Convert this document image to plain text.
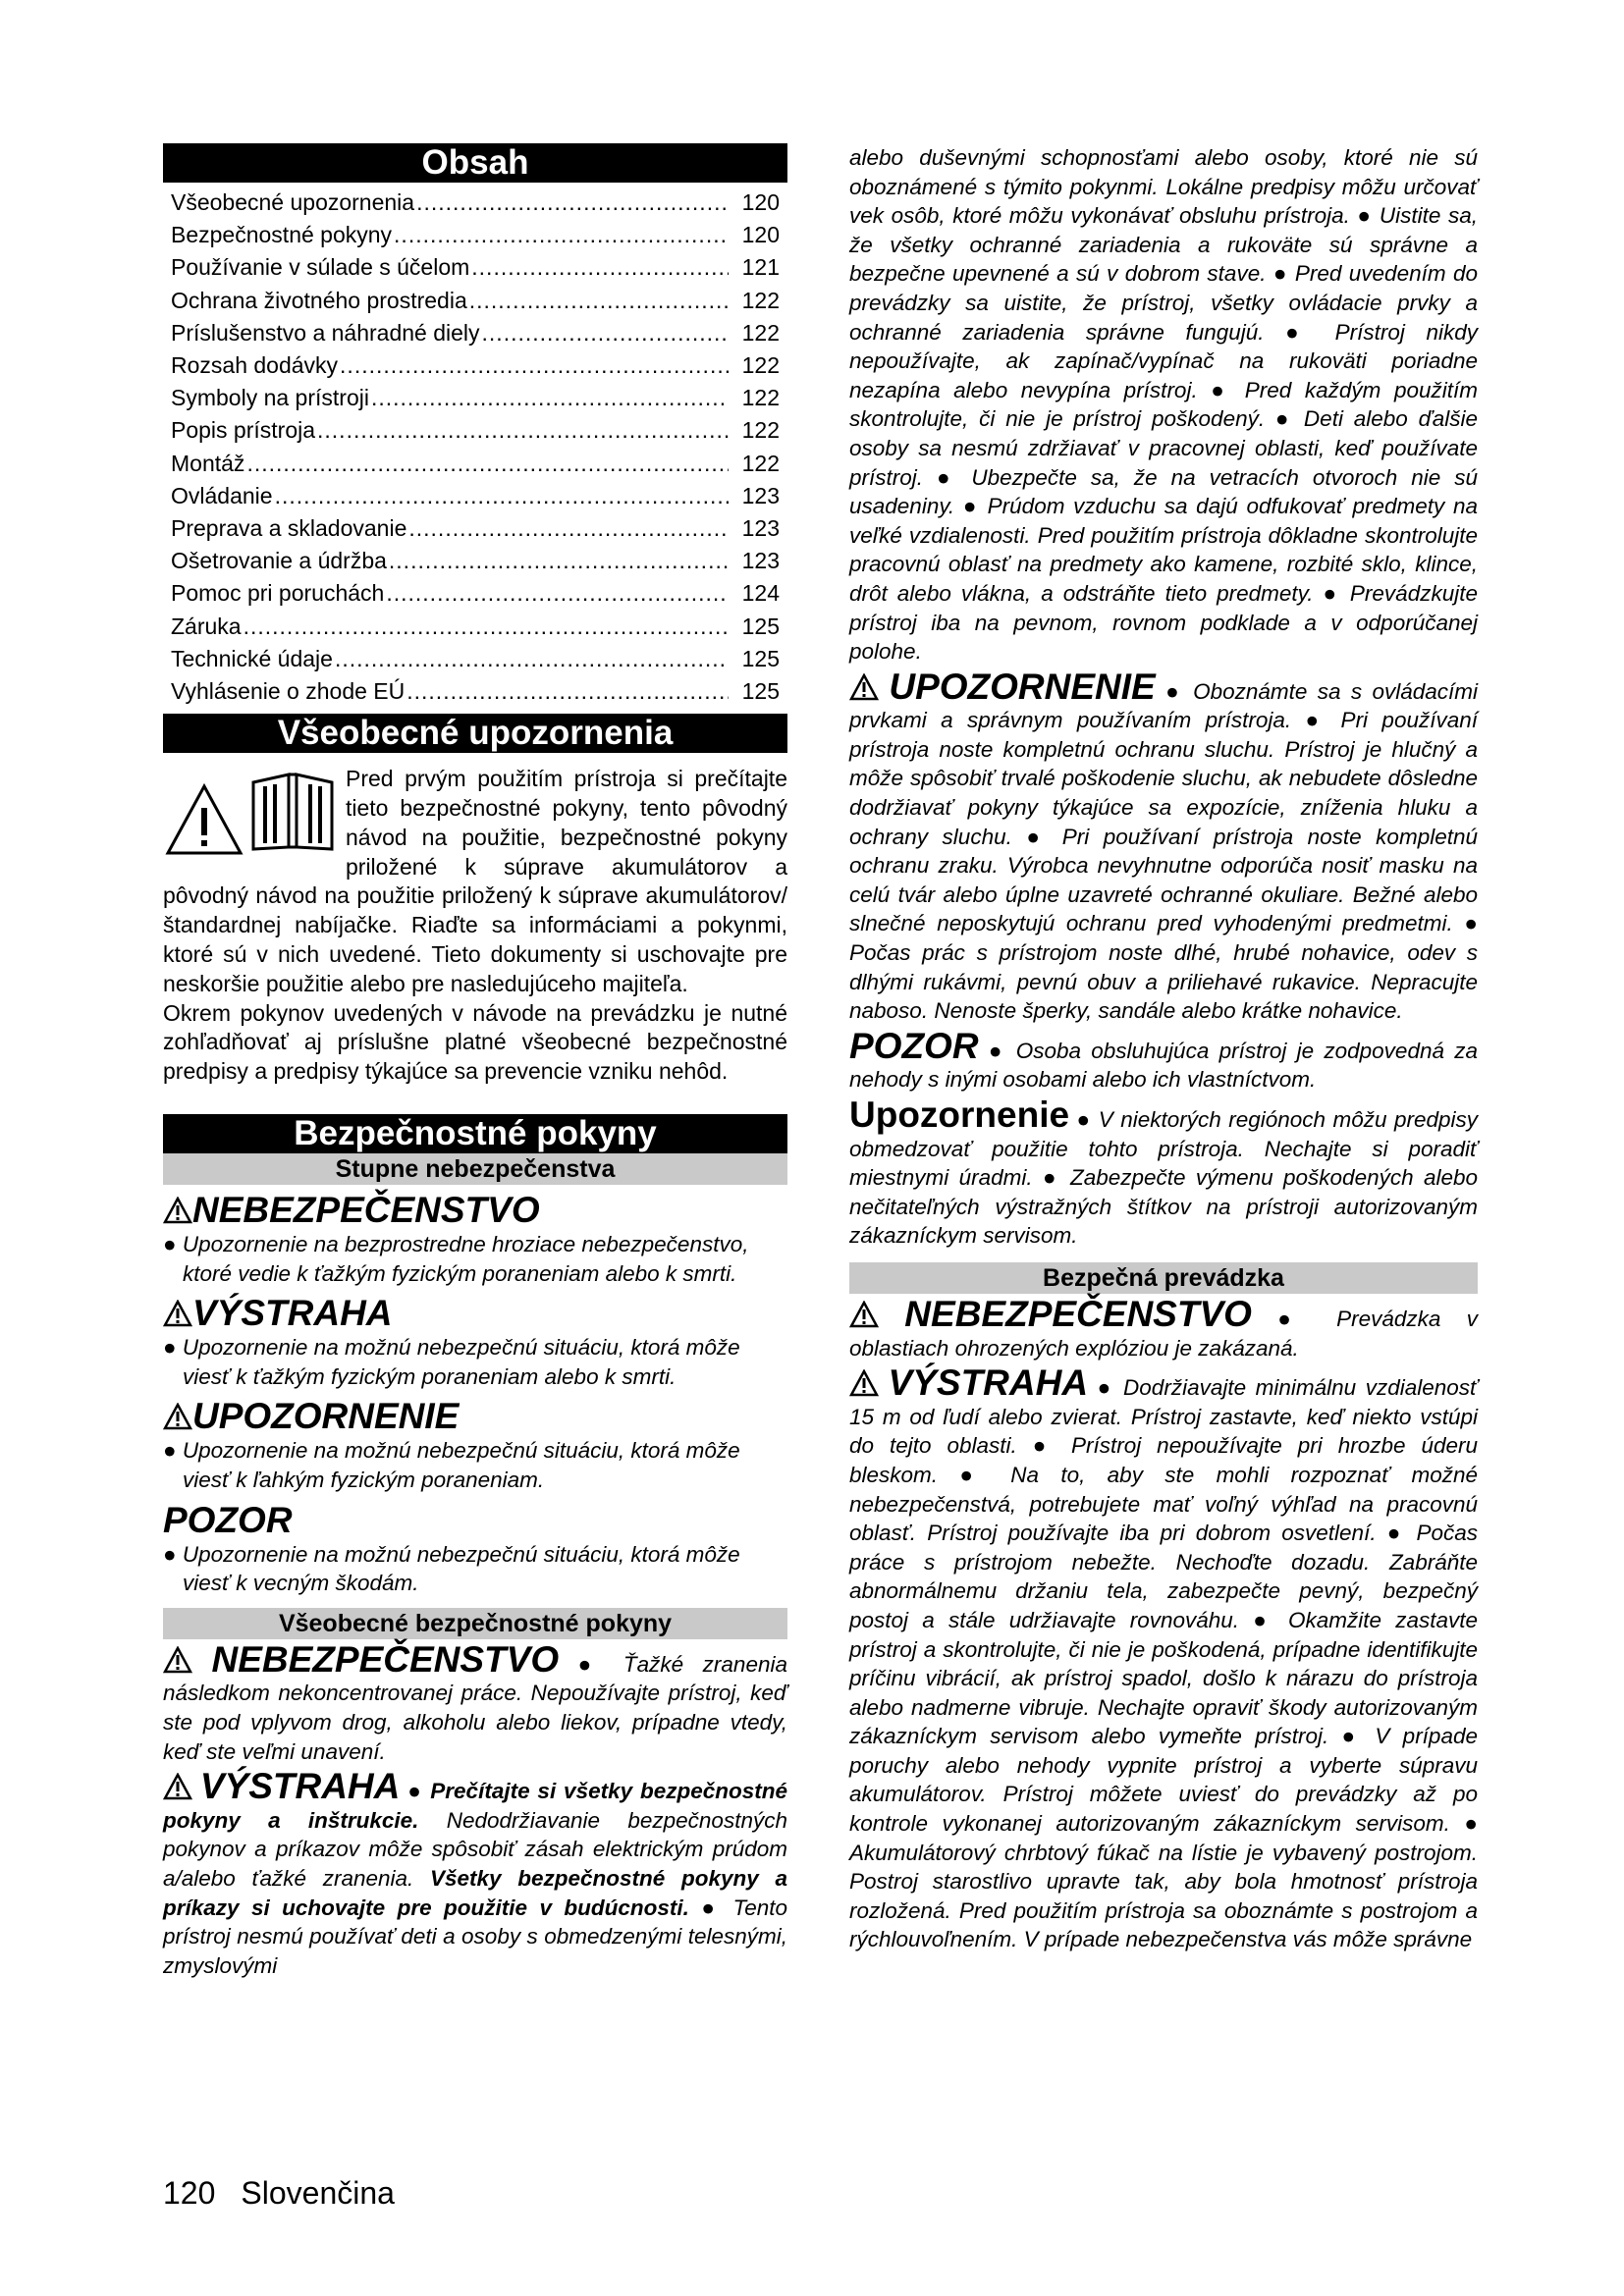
Obsah
Všeobecné upozornenia .....	120
Bezpečnostné pokyny .....	120
Používanie v súlade s účelom .....	121
Ochrana životného prostredia .....	122
Príslušenstvo a náhradné diely .....	122
Rozsah dodávky .....	122
Symboly na prístroji .....	122
Popis prístroja .....	122
Montáž .....	122
Ovládanie .....	123
Preprava a skladovanie .....	123
Ošetrovanie a údržba .....	123
Pomoc pri poruchách .....	124
Záruka .....	125
Technické údaje .....	125
Vyhlásenie o zhode EÚ .....	125
Všeobecné upozornenia

Pred prvým použitím prístroja si prečítajte tieto bezpečnostné pokyny, tento pôvodný návod na použitie, bezpečnostné pokyny priložené k súprave akumulátorov a pôvodný návod na použitie priložený k súprave akumulátorov/štandardnej nabíjačke. Riaďte sa informáciami a pokynmi, ktoré sú v nich uvedené. Tieto dokumenty si uschovajte pre neskoršie použitie alebo pre nasledujúceho majiteľa.

Okrem pokynov uvedených v návode na prevádzku je nutné zohľadňovať aj príslušne platné všeobecné bezpečnostné predpisy a predpisy týkajúce sa prevencie vzniku nehôd.

Bezpečnostné pokyny
Stupne nebezpečenstva
NEBEZPEČENSTVO

● Upozornenie na bezprostredne hroziace nebezpečenstvo, ktoré vedie k ťažkým fyzickým poraneniam alebo k smrti.

VÝSTRAHA

● Upozornenie na možnú nebezpečnú situáciu, ktorá môže viesť k ťažkým fyzickým poraneniam alebo k smrti.

UPOZORNENIE

● Upozornenie na možnú nebezpečnú situáciu, ktorá môže viesť k ľahkým fyzickým poraneniam.

POZOR

● Upozornenie na možnú nebezpečnú situáciu, ktorá môže viesť k vecným škodám.

Všeobecné bezpečnostné pokyny

NEBEZPEČENSTVO ● Ťažké zranenia následkom nekoncentrovanej práce. Nepoužívajte prístroj, keď ste pod vplyvom drog, alkoholu alebo liekov, prípadne vtedy, keď ste veľmi unavení.

VÝSTRAHA ● Prečítajte si všetky bezpečnostné pokyny a inštrukcie. Nedodržiavanie bezpečnostných pokynov a príkazov môže spôsobiť zásah elektrickým prúdom a/alebo ťažké zranenia. Všetky bezpečnostné pokyny a príkazy si uchovajte pre použitie v budúcnosti. ● Tento prístroj nesmú používať deti a osoby s obmedzenými telesnými, zmyslovými

alebo duševnými schopnosťami alebo osoby, ktoré nie sú oboznámené s týmito pokynmi. Lokálne predpisy môžu určovať vek osôb, ktoré môžu vykonávať obsluhu prístroja. ● Uistite sa, že všetky ochranné zariadenia a rukoväte sú správne a bezpečne upevnené a sú v dobrom stave. ● Pred uvedením do prevádzky sa uistite, že prístroj, všetky ovládacie prvky a ochranné zariadenia správne fungujú. ● Prístroj nikdy nepoužívajte, ak zapínač/vypínač na rukoväti poriadne nezapína alebo nevypína prístroj. ● Pred každým použitím skontrolujte, či nie je prístroj poškodený. ● Deti alebo ďalšie osoby sa nesmú zdržiavať v pracovnej oblasti, keď používate prístroj. ● Ubezpečte sa, že na vetracích otvoroch nie sú usadeniny. ● Prúdom vzduchu sa dajú odfukovať predmety na veľké vzdialenosti. Pred použitím prístroja dôkladne skontrolujte pracovnú oblasť na predmety ako kamene, rozbité sklo, klince, drôt alebo vlákna, a odstráňte tieto predmety. ● Prevádzkujte prístroj iba na pevnom, rovnom podklade a v odporúčanej polohe.

UPOZORNENIE ● Oboznámte sa s ovládacími prvkami a správnym používaním prístroja. ● Pri používaní prístroja noste kompletnú ochranu sluchu. Prístroj je hlučný a môže spôsobiť trvalé poškodenie sluchu, ak nebudete dôsledne dodržiavať pokyny týkajúce sa expozície, zníženia hluku a ochrany sluchu. ● Pri používaní prístroja noste kompletnú ochranu zraku. Výrobca nevyhnutne odporúča nosiť masku na celú tvár alebo úplne uzavreté ochranné okuliare. Bežné alebo slnečné neposkytujú ochranu pred vyhodenými predmetmi. ● Počas prác s prístrojom noste dlhé, hrubé nohavice, odev s dlhými rukávmi, pevnú obuv a priliehavé rukavice. Nepracujte naboso. Nenoste šperky, sandále alebo krátke nohavice.

POZOR ● Osoba obsluhujúca prístroj je zodpovedná za nehody s inými osobami alebo ich vlastníctvom.

Upozornenie ● V niektorých regiónoch môžu predpisy obmedzovať použitie tohto prístroja. Nechajte si poradiť miestnymi úradmi. ● Zabezpečte výmenu poškodených alebo nečitateľných výstražných štítkov na prístroji autorizovaným zákazníckym servisom.

Bezpečná prevádzka

NEBEZPEČENSTVO ● Prevádzka v oblastiach ohrozených explóziou je zakázaná.

VÝSTRAHA ● Dodržiavajte minimálnu vzdialenosť 15 m od ľudí alebo zvierat. Prístroj zastavte, keď niekto vstúpi do tejto oblasti. ● Prístroj nepoužívajte pri hrozbe úderu bleskom. ● Na to, aby ste mohli rozpoznať možné nebezpečenstvá, potrebujete mať voľný výhľad na pracovnú oblasť. Prístroj používajte iba pri dobrom osvetlení. ● Počas práce s prístrojom nebežte. Nechoďte dozadu. Zabráňte abnormálnemu držaniu tela, zabezpečte pevný, bezpečný postoj a stále udržiavajte rovnováhu. ● Okamžite zastavte prístroj a skontrolujte, či nie je poškodená, prípadne identifikujte príčinu vibrácií, ak prístroj spadol, došlo k nárazu do prístroja alebo nadmerne vibruje. Nechajte opraviť škody autorizovaným zákazníckym servisom alebo vymeňte prístroj. ● V prípade poruchy alebo nehody vypnite prístroj a vyberte súpravu akumulátorov. Prístroj môžete uviesť do prevádzky až po kontrole vykonanej autorizovaným zákazníckym servisom. ● Akumulátorový chrbtový fúkač na lístie je vybavený postrojom. Postroj starostlivo upravte tak, aby bola hmotnosť prístroja rozložená. Pred použitím prístroja sa oboznámte s postrojom a rýchlouvoľnením. V prípade nebezpečenstva vás môže správne

120 Slovenčina
